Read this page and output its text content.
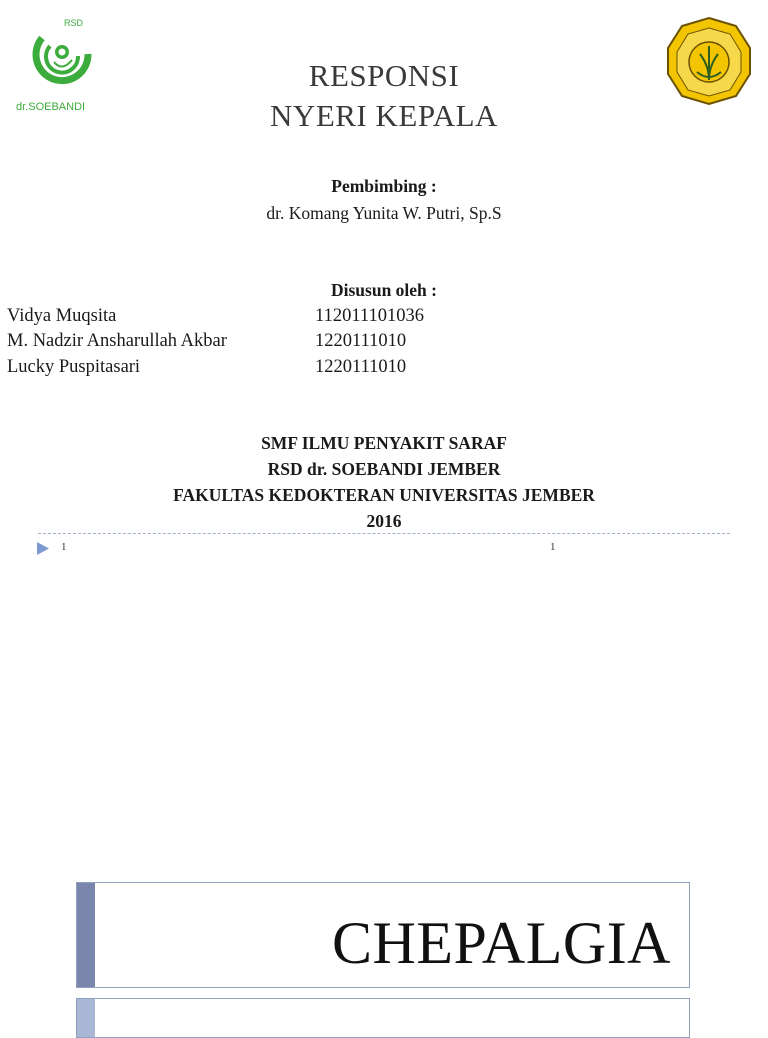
RSD
dr.SOEBANDI
RESPONSI
NYERI KEPALA
Pembimbing :
dr. Komang Yunita W. Putri, Sp.S
Disusun oleh :
Vidya Muqsita	112011101036
M. Nadzir Ansharullah Akbar	1220111010
Lucky Puspitasari	1220111010
SMF ILMU PENYAKIT SARAF
RSD dr. SOEBANDI JEMBER
FAKULTAS KEDOKTERAN UNIVERSITAS JEMBER
2016
1	1
CHEPALGIA
